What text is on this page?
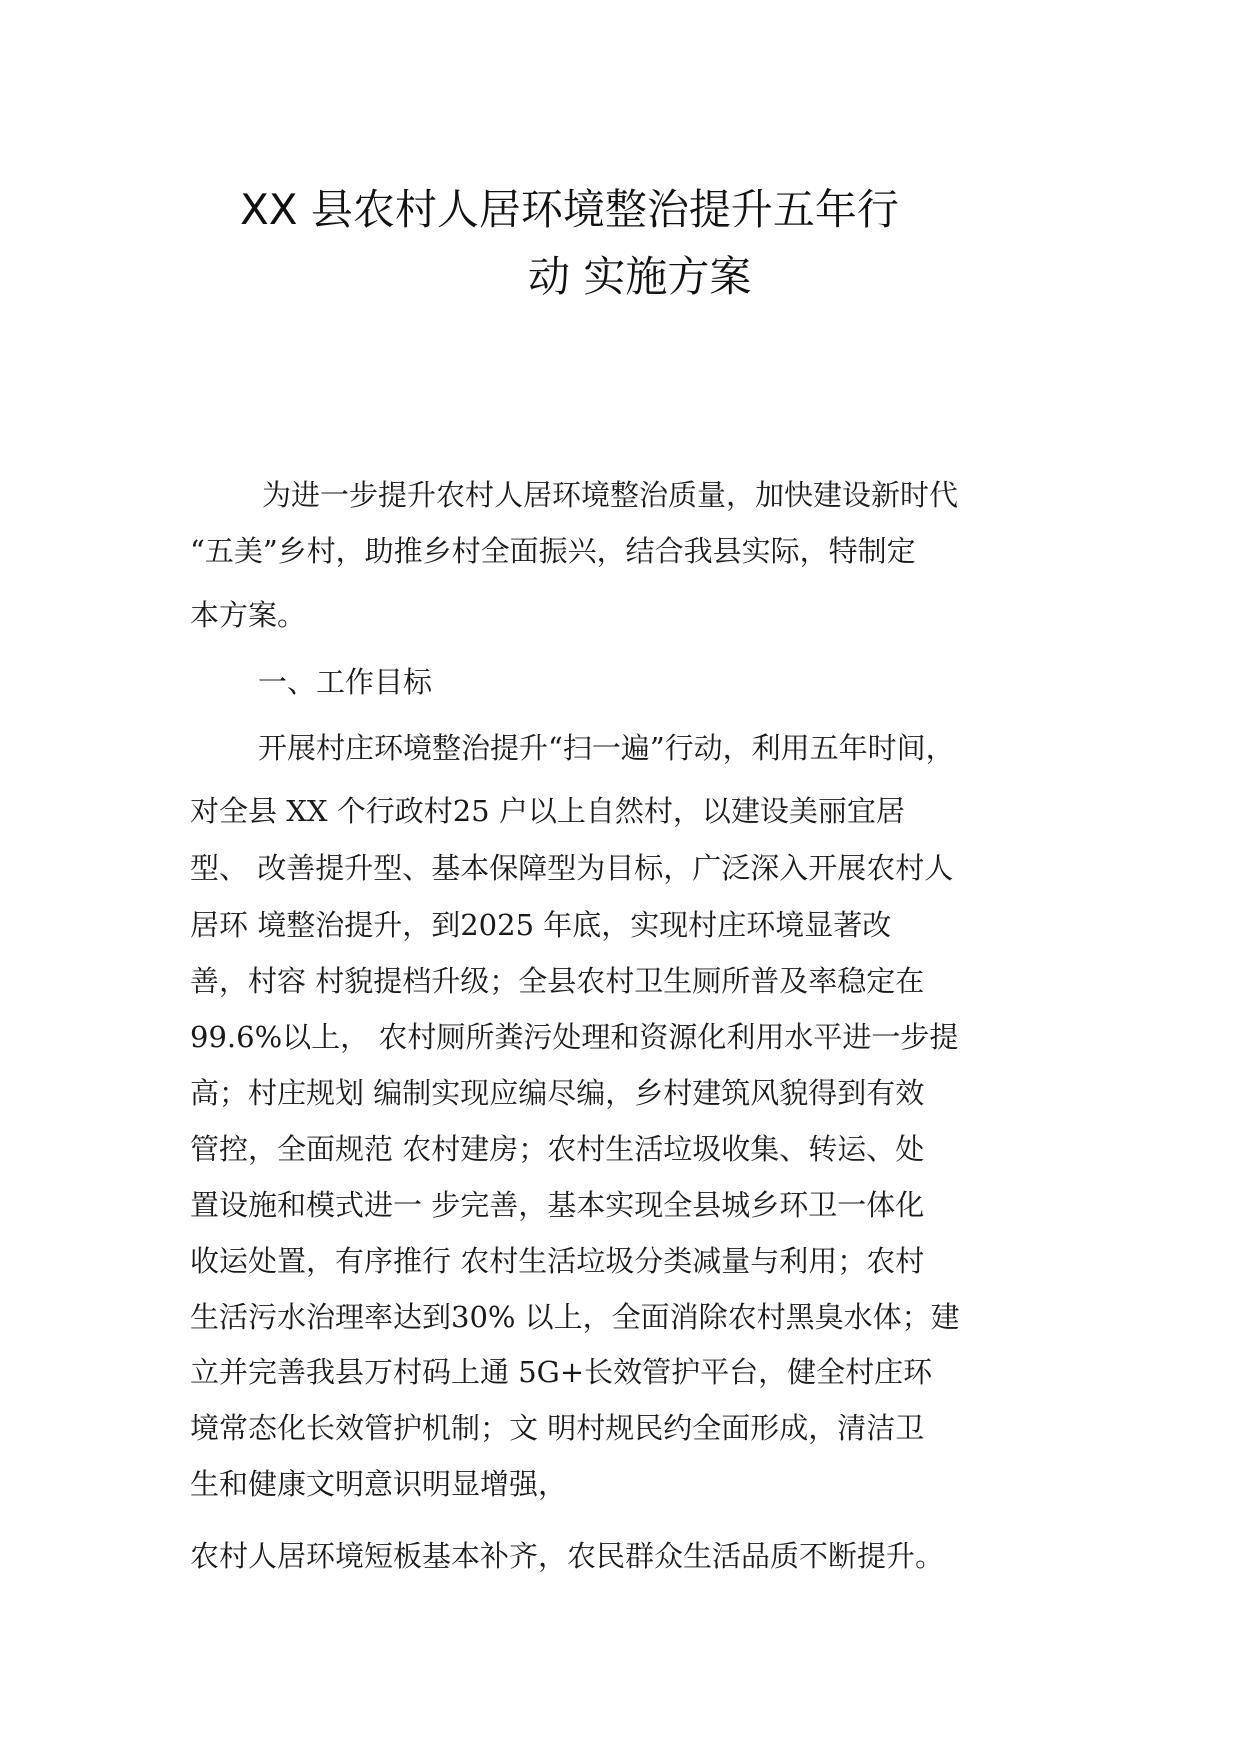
XX 县农村人居环境整治提升五年行
动 实施方案
为进一步提升农村人居环境整治质量，加快建设新时代
“五美”乡村，助推乡村全面振兴，结合我县实际，特制定
本方案。
一、工作目标
开展村庄环境整治提升“扫一遍”行动，利用五年时间，
对全县 XX 个行政村25 户以上自然村，以建设美丽宜居
型、 改善提升型、基本保障型为目标，广泛深入开展农村人
居环 境整治提升，到2025 年底，实现村庄环境显著改
善，村容 村貌提档升级；全县农村卫生厕所普及率稳定在
99.6%以上， 农村厕所粪污处理和资源化利用水平进一步提
高；村庄规划 编制实现应编尽编，乡村建筑风貌得到有效
管控，全面规范 农村建房；农村生活垃圾收集、转运、处
置设施和模式进一 步完善，基本实现全县城乡环卫一体化
收运处置，有序推行 农村生活垃圾分类减量与利用；农村
生活污水治理率达到30% 以上，全面消除农村黑臭水体；建
立并完善我县万村码上通 5G+长效管护平台，健全村庄环
境常态化长效管护机制；文 明村规民约全面形成，清洁卫
生和健康文明意识明显增强，
农村人居环境短板基本补齐，农民群众生活品质不断提升。
